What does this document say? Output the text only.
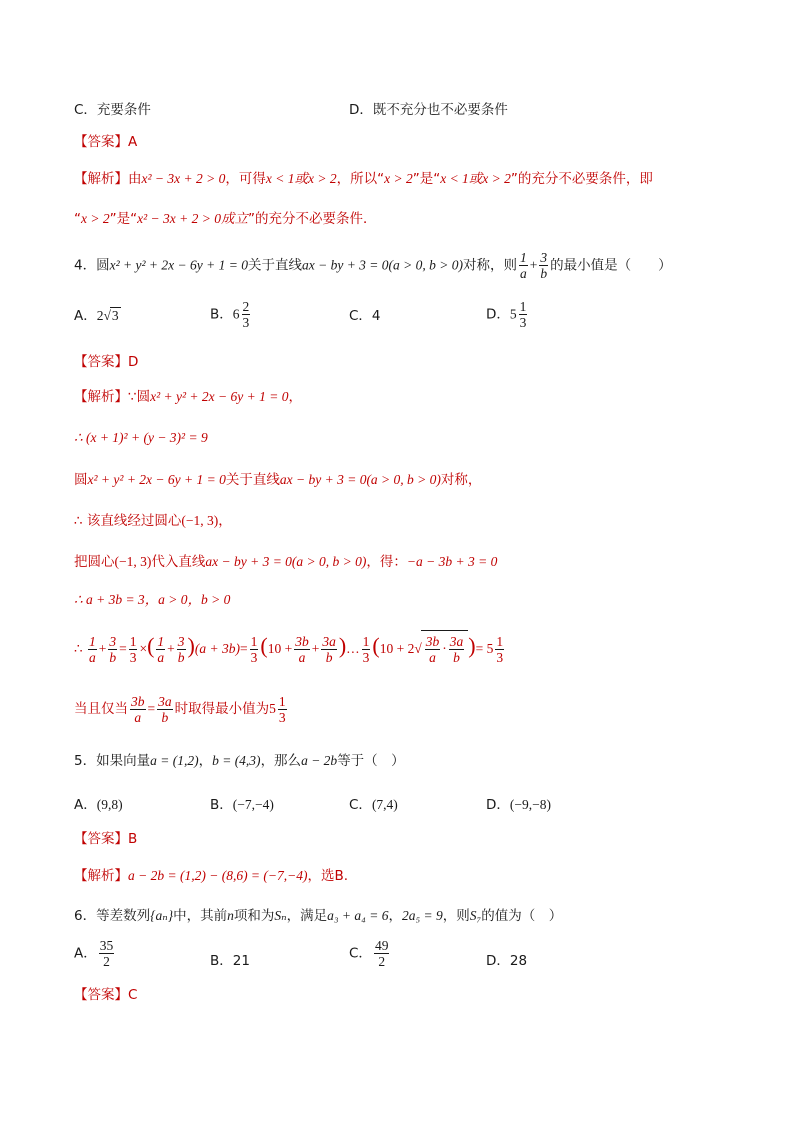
C．充要条件	D．既不充分也不必要条件
【答案】A
【解析】由x² − 3x + 2 > 0，可得x < 1或x > 2，所以“x > 2”是“x < 1或x > 2”的充分不必要条件，即
“x > 2”是“x² − 3x + 2 > 0成立”的充分不必要条件．
4．圆x² + y² + 2x − 6y + 1 = 0关于直线ax − by + 3 = 0(a > 0, b > 0)对称，则 $\frac{1}{a} + \frac{3}{b}$ 的最小值是（　　）
A．2√3	B．$6 \frac{2}{3}$	C．4	D．$5 \frac{1}{3}$
【答案】D
【解析】∵圆x² + y² + 2x − 6y + 1 = 0，
∴ (x + 1)² + (y − 3)² = 9
圆x² + y² + 2x − 6y + 1 = 0关于直线ax − by + 3 = 0(a > 0, b > 0)对称，
∴ 该直线经过圆心(−1, 3)，
把圆心(−1, 3)代入直线ax − by + 3 = 0(a > 0, b > 0)，得：−a − 3b + 3 = 0
∴ a + 3b = 3，a > 0，b > 0
∴ $\frac{1}{a} + \frac{3}{b} = \frac{1}{3}$ ×( $\frac{1}{a} + \frac{3}{b} )(a + 3b)= \frac{1}{3} (10 + \frac{3b}{a} + \frac{3a}{b}$ )… $\frac{1}{3} (10 + 2√ \frac{3b}{a} \cdot \frac{3a}{b}$ )= $5 \frac{1}{3}$
当且仅当 $\frac{3b}{a} = \frac{3a}{b}$ 时取得最小值为$5 \frac{1}{3}$
5．如果向量a = (1,2)，b = (4,3)，那么a − 2b等于（　）
A．(9,8)	B．(−7,−4)	C．(7,4)	D．(−9,−8)
【答案】B
【解析】a − 2b = (1,2) − (8,6) = (−7,−4)，选B.
6．等差数列{aₙ}中，其前n项和为Sₙ，满足a₃ + a₄ = 6，2a₅ = 9，则S₇的值为（　）
A． $\frac{35}{2}$	B．21	C． $\frac{49}{2}$	D．28
【答案】C
